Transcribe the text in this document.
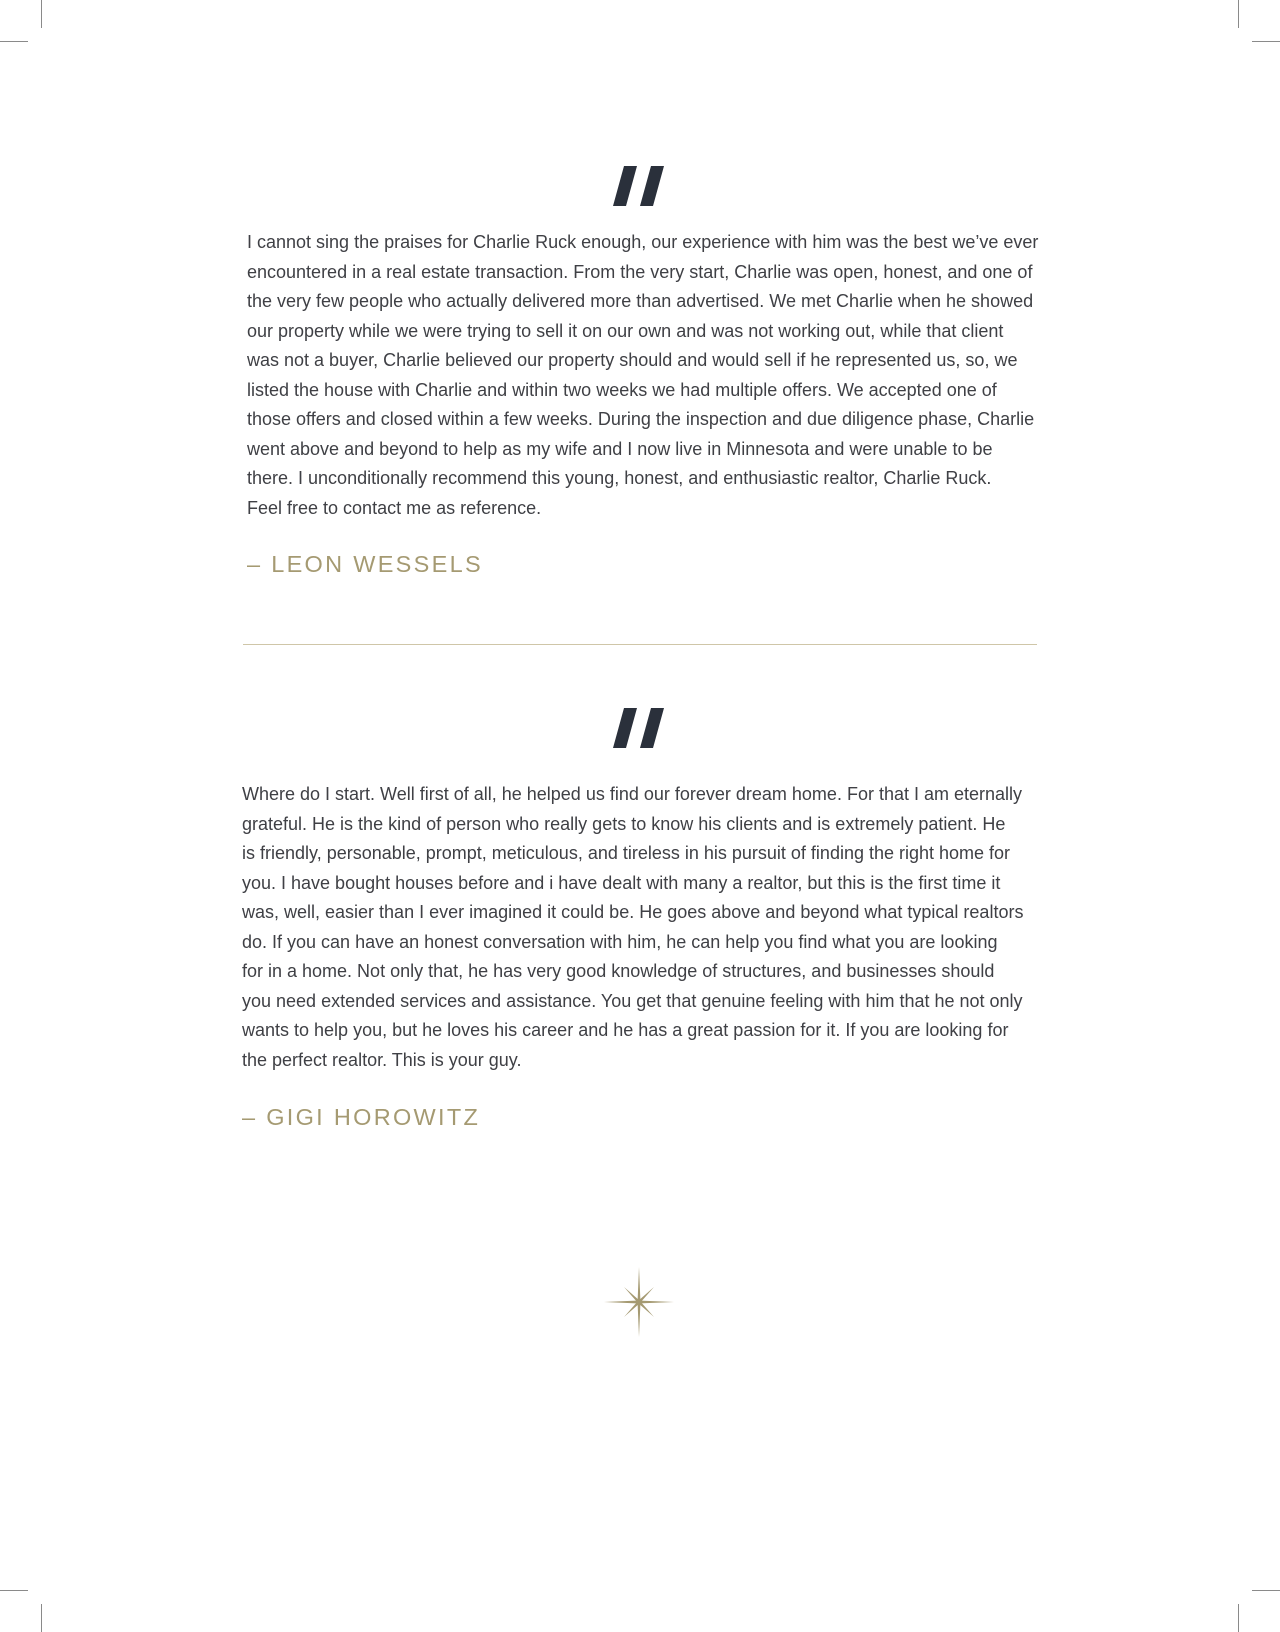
I cannot sing the praises for Charlie Ruck enough, our experience with him was the best we’ve ever
encountered in a real estate transaction. From the very start, Charlie was open, honest, and one of
the very few people who actually delivered more than advertised. We met Charlie when he showed
our property while we were trying to sell it on our own and was not working out, while that client
was not a buyer, Charlie believed our property should and would sell if he represented us, so, we
listed the house with Charlie and within two weeks we had multiple offers. We accepted one of
those offers and closed within a few weeks. During the inspection and due diligence phase, Charlie
went above and beyond to help as my wife and I now live in Minnesota and were unable to be
there. I unconditionally recommend this young, honest, and enthusiastic realtor, Charlie Ruck.
Feel free to contact me as reference.

– LEON WESSELS

Where do I start. Well first of all, he helped us find our forever dream home. For that I am eternally
grateful. He is the kind of person who really gets to know his clients and is extremely patient. He
is friendly, personable, prompt, meticulous, and tireless in his pursuit of finding the right home for
you. I have bought houses before and i have dealt with many a realtor, but this is the first time it
was, well, easier than I ever imagined it could be. He goes above and beyond what typical realtors
do. If you can have an honest conversation with him, he can help you find what you are looking
for in a home. Not only that, he has very good knowledge of structures, and businesses should
you need extended services and assistance. You get that genuine feeling with him that he not only
wants to help you, but he loves his career and he has a great passion for it. If you are looking for
the perfect realtor. This is your guy.

– GIGI HOROWITZ
